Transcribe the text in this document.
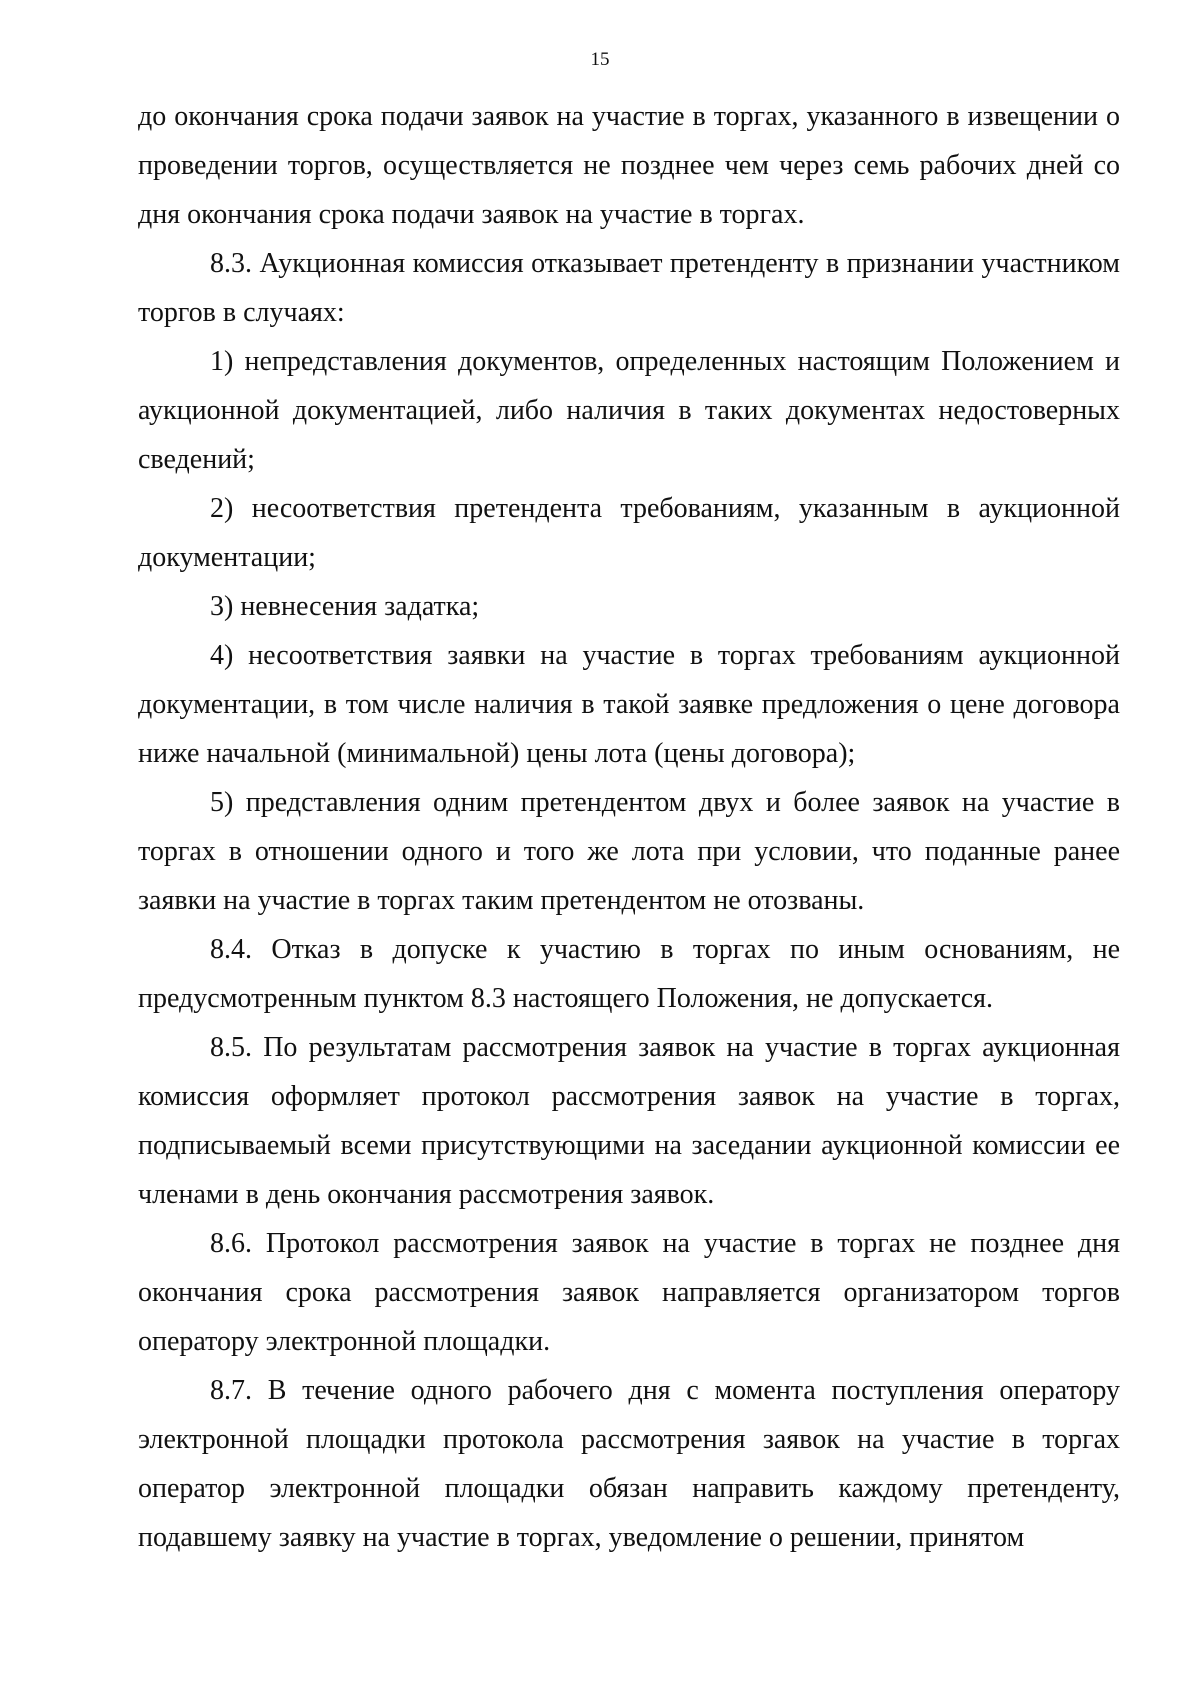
15

до окончания срока подачи заявок на участие в торгах, указанного в извещении о проведении торгов, осуществляется не позднее чем через семь рабочих дней со дня окончания срока подачи заявок на участие в торгах.

8.3. Аукционная комиссия отказывает претенденту в признании участником торгов в случаях:

1) непредставления документов, определенных настоящим Положением и аукционной документацией, либо наличия в таких документах недостоверных сведений;

2) несоответствия претендента требованиям, указанным в аукционной документации;

3) невнесения задатка;

4) несоответствия заявки на участие в торгах требованиям аукционной документации, в том числе наличия в такой заявке предложения о цене договора ниже начальной (минимальной) цены лота (цены договора);

5) представления одним претендентом двух и более заявок на участие в торгах в отношении одного и того же лота при условии, что поданные ранее заявки на участие в торгах таким претендентом не отозваны.

8.4. Отказ в допуске к участию в торгах по иным основаниям, не предусмотренным пунктом 8.3 настоящего Положения, не допускается.

8.5. По результатам рассмотрения заявок на участие в торгах аукционная комиссия оформляет протокол рассмотрения заявок на участие в торгах, подписываемый всеми присутствующими на заседании аукционной комиссии ее членами в день окончания рассмотрения заявок.

8.6. Протокол рассмотрения заявок на участие в торгах не позднее дня окончания срока рассмотрения заявок направляется организатором торгов оператору электронной площадки.

8.7. В течение одного рабочего дня с момента поступления оператору электронной площадки протокола рассмотрения заявок на участие в торгах оператор электронной площадки обязан направить каждому претенденту, подавшему заявку на участие в торгах, уведомление о решении, принятом
